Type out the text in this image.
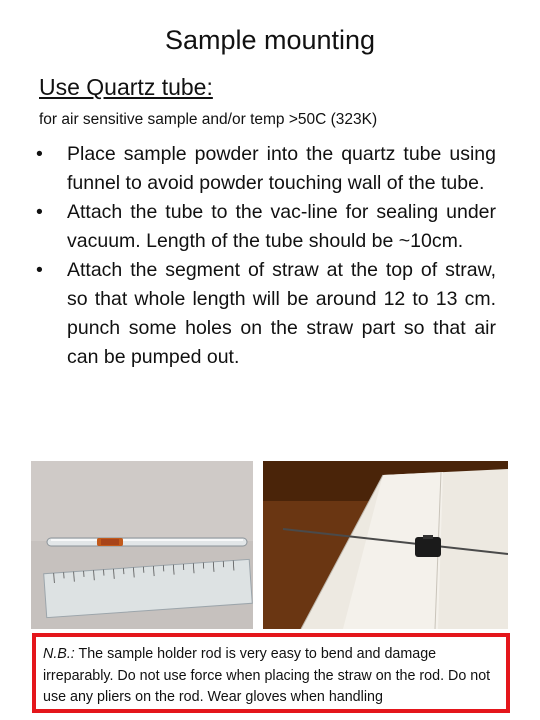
Sample mounting
Use Quartz tube:
for air sensitive sample and/or temp >50C (323K)
• Place sample powder into the quartz tube using funnel to avoid powder touching wall of the tube.
• Attach the tube to the vac-line for sealing under vacuum. Length of the tube should be ~10cm.
• Attach the segment of straw at the top of straw, so that whole length will be around 12 to 13 cm. punch some holes on the straw part so that air can be pumped out.
N.B.: The sample holder rod is very easy to bend and damage irreparably. Do not use force when placing the straw on the rod. Do not use any pliers on the rod. Wear gloves when handling
